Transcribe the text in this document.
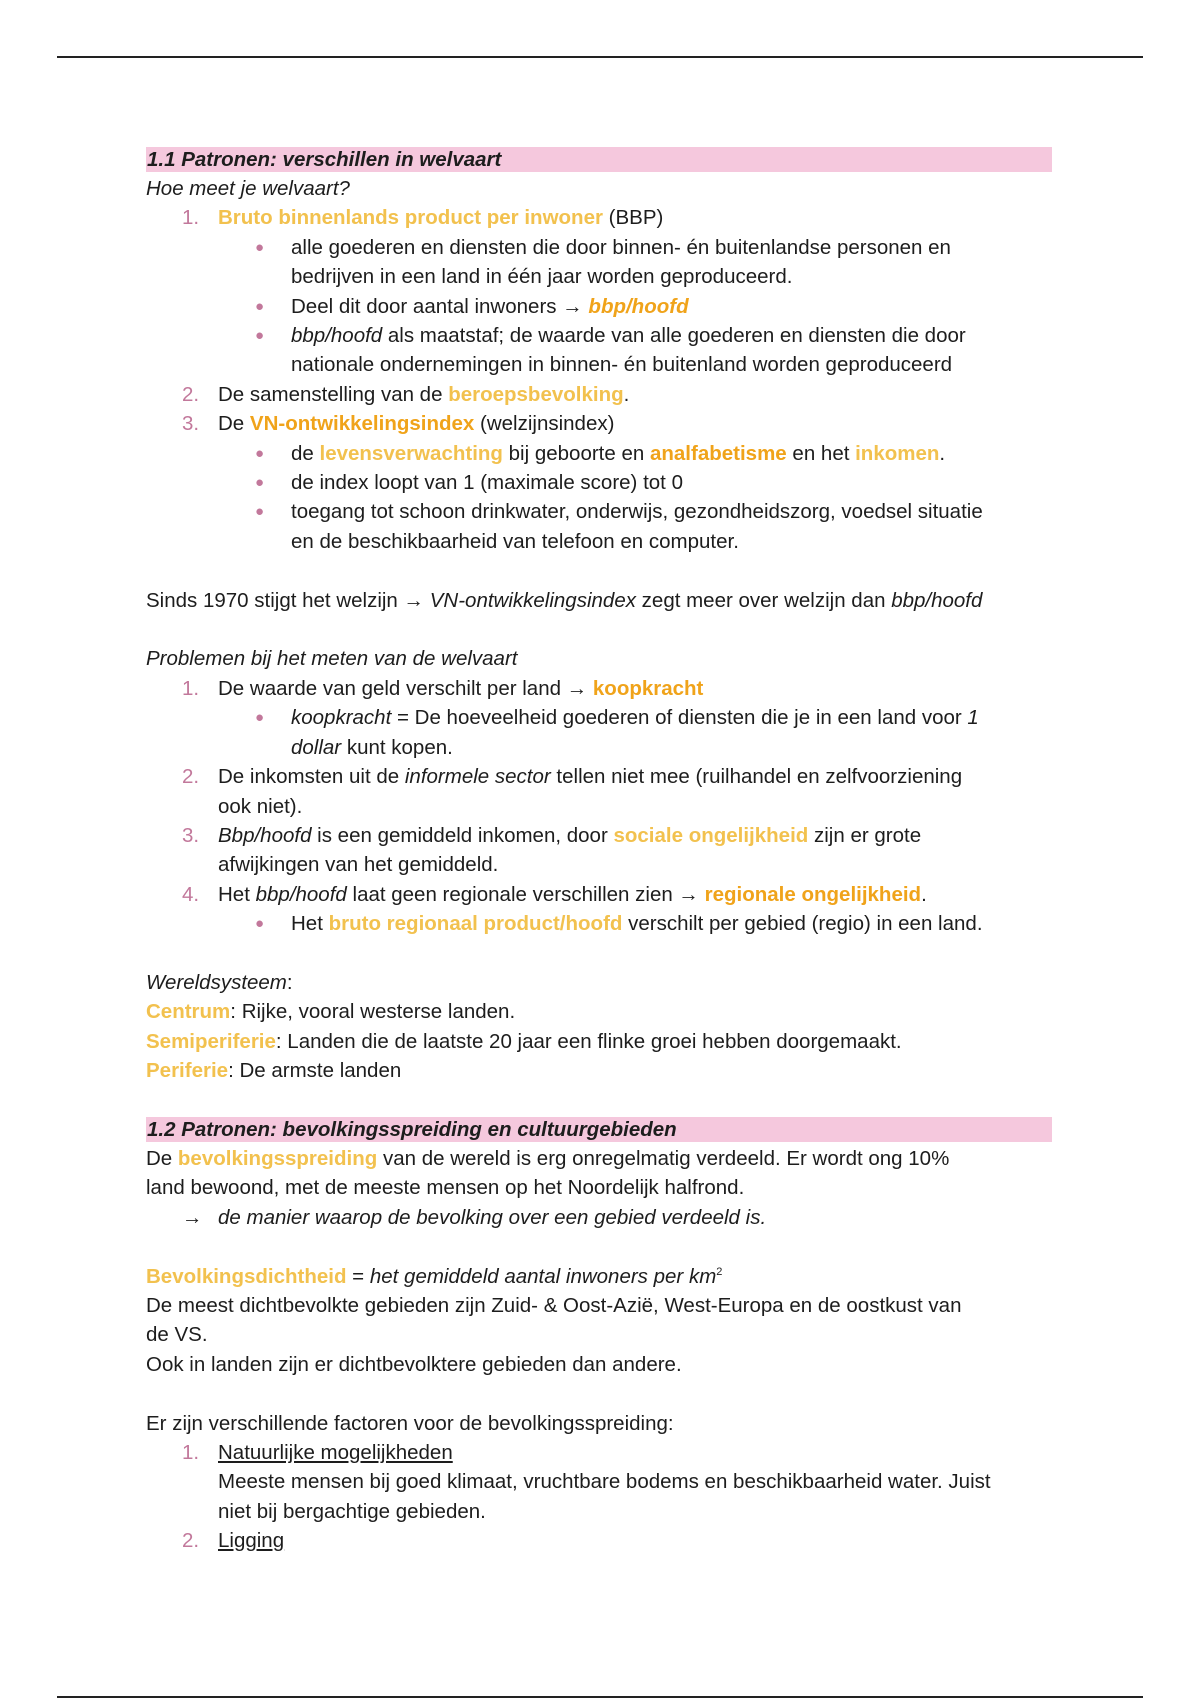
1.1 Patronen: verschillen in welvaart
Hoe meet je welvaart?
1. Bruto binnenlands product per inwoner (BBP)
● alle goederen en diensten die door binnen- én buitenlandse personen en
bedrijven in een land in één jaar worden geproduceerd.
● Deel dit door aantal inwoners → bbp/hoofd
● bbp/hoofd als maatstaf; de waarde van alle goederen en diensten die door
nationale ondernemingen in binnen- én buitenland worden geproduceerd
2. De samenstelling van de beroepsbevolking.
3. De VN-ontwikkelingsindex (welzijnsindex)
● de levensverwachting bij geboorte en analfabetisme en het inkomen.
● de index loopt van 1 (maximale score) tot 0
● toegang tot schoon drinkwater, onderwijs, gezondheidszorg, voedsel situatie
en de beschikbaarheid van telefoon en computer.
Sinds 1970 stijgt het welzijn → VN-ontwikkelingsindex zegt meer over welzijn dan bbp/hoofd
Problemen bij het meten van de welvaart
1. De waarde van geld verschilt per land → koopkracht
● koopkracht = De hoeveelheid goederen of diensten die je in een land voor 1
dollar kunt kopen.
2. De inkomsten uit de informele sector tellen niet mee (ruilhandel en zelfvoorziening
ook niet).
3. Bbp/hoofd is een gemiddeld inkomen, door sociale ongelijkheid zijn er grote
afwijkingen van het gemiddeld.
4. Het bbp/hoofd laat geen regionale verschillen zien → regionale ongelijkheid.
● Het bruto regionaal product/hoofd verschilt per gebied (regio) in een land.
Wereldsysteem:
Centrum: Rijke, vooral westerse landen.
Semiperiferie: Landen die de laatste 20 jaar een flinke groei hebben doorgemaakt.
Periferie: De armste landen
1.2 Patronen: bevolkingsspreiding en cultuurgebieden
De bevolkingsspreiding van de wereld is erg onregelmatig verdeeld. Er wordt ong 10%
land bewoond, met de meeste mensen op het Noordelijk halfrond.
→ de manier waarop de bevolking over een gebied verdeeld is.
Bevolkingsdichtheid = het gemiddeld aantal inwoners per $km^2$
De meest dichtbevolkte gebieden zijn Zuid- & Oost-Azië, West-Europa en de oostkust van
de VS.
Ook in landen zijn er dichtbevolktere gebieden dan andere.
Er zijn verschillende factoren voor de bevolkingsspreiding:
1. Natuurlijke mogelijkheden
Meeste mensen bij goed klimaat, vruchtbare bodems en beschikbaarheid water. Juist
niet bij bergachtige gebieden.
2. Ligging
